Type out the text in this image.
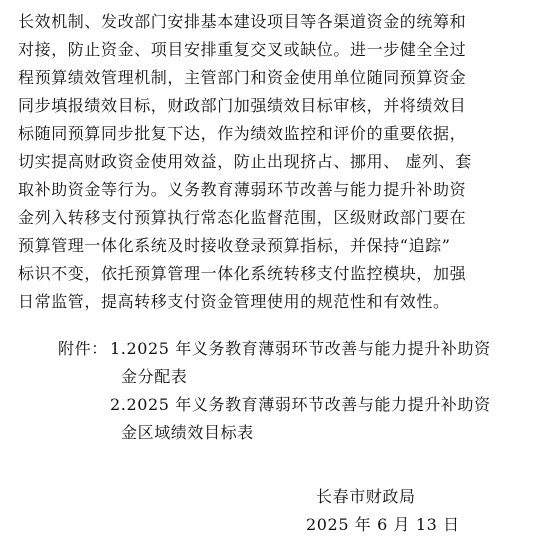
长效机制、发改部门安排基本建设项目等各渠道资金的统筹和
对接，防止资金、项目安排重复交叉或缺位。进一步健全全过
程预算绩效管理机制，主管部门和资金使用单位随同预算资金
同步填报绩效目标，财政部门加强绩效目标审核，并将绩效目
标随同预算同步批复下达，作为绩效监控和评价的重要依据，
切实提高财政资金使用效益，防止出现挤占、挪用、 虚列、套
取补助资金等行为。义务教育薄弱环节改善与能力提升补助资
金列入转移支付预算执行常态化监督范围，区级财政部门要在
预算管理一体化系统及时接收登录预算指标，并保持“追踪”
标识不变，依托预算管理一体化系统转移支付监控模块，加强
日常监管，提高转移支付资金管理使用的规范性和有效性。
附件： 1.2025 年义务教育薄弱环节改善与能力提升补助资
金分配表
2.2025 年义务教育薄弱环节改善与能力提升补助资
金区域绩效目标表
长春市财政局
2025 年 6 月 13 日
